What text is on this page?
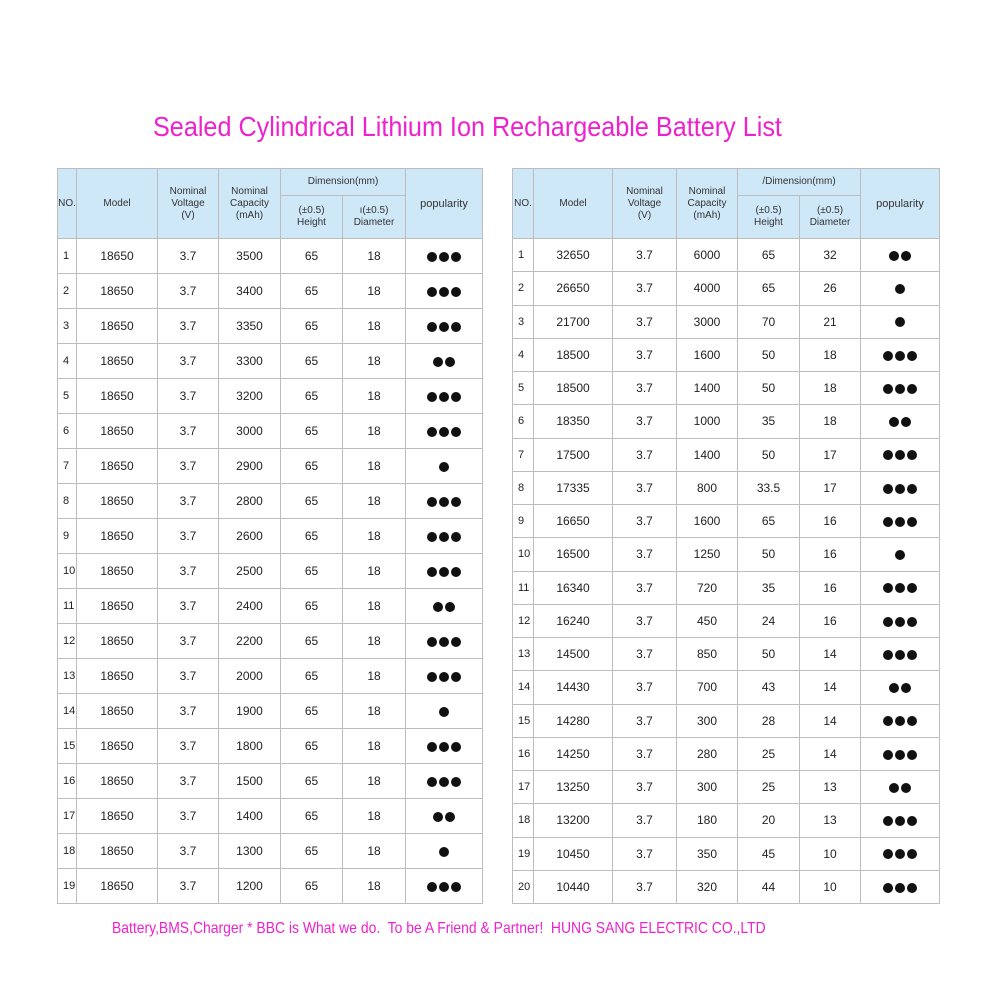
Sealed Cylindrical Lithium Ion Rechargeable Battery List
NO.	Model	Nominal
Voltage
(V)	Nominal
Capacity
(mAh)	Dimension(mm)		popularity
				(±0.5)
Height	ı(±0.5)
Diameter	
1	18650	3.7	3500	65	18	
2	18650	3.7	3400	65	18	
3	18650	3.7	3350	65	18	
4	18650	3.7	3300	65	18	
5	18650	3.7	3200	65	18	
6	18650	3.7	3000	65	18	
7	18650	3.7	2900	65	18	
8	18650	3.7	2800	65	18	
9	18650	3.7	2600	65	18	
10	18650	3.7	2500	65	18	
11	18650	3.7	2400	65	18	
12	18650	3.7	2200	65	18	
13	18650	3.7	2000	65	18	
14	18650	3.7	1900	65	18	
15	18650	3.7	1800	65	18	
16	18650	3.7	1500	65	18	
17	18650	3.7	1400	65	18	
18	18650	3.7	1300	65	18	
19	18650	3.7	1200	65	18	
NO.	Model	Nominal
Voltage
(V)	Nominal
Capacity
(mAh)	/Dimension(mm)		popularity
				(±0.5)
Height	(±0.5)
Diameter	
1	32650	3.7	6000	65	32	
2	26650	3.7	4000	65	26	
3	21700	3.7	3000	70	21	
4	18500	3.7	1600	50	18	
5	18500	3.7	1400	50	18	
6	18350	3.7	1000	35	18	
7	17500	3.7	1400	50	17	
8	17335	3.7	800	33.5	17	
9	16650	3.7	1600	65	16	
10	16500	3.7	1250	50	16	
11	16340	3.7	720	35	16	
12	16240	3.7	450	24	16	
13	14500	3.7	850	50	14	
14	14430	3.7	700	43	14	
15	14280	3.7	300	28	14	
16	14250	3.7	280	25	14	
17	13250	3.7	300	25	13	
18	13200	3.7	180	20	13	
19	10450	3.7	350	45	10	
20	10440	3.7	320	44	10	
Battery,BMS,Charger * BBC is What we do.  To be A Friend & Partner!  HUNG SANG ELECTRIC CO.,LTD
